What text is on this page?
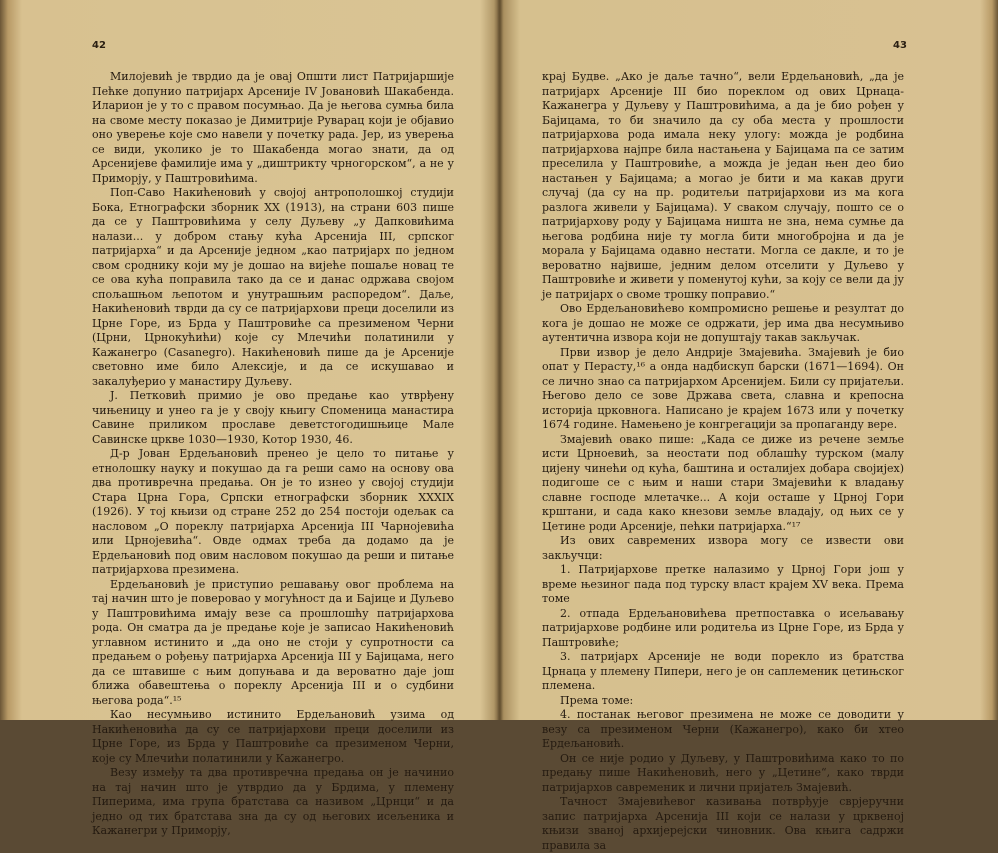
42

Милојевић је тврдио да је овај Општи лист Патријаршије Пећке допунио патријарх Арсеније IV Јовановић Шакабенда. Иларион је у то с правом посумњао. Да је његова сумња била на своме месту показао је Димитрије Руварац који је објавио оно уверење које смо навели у почетку рада. Јер, из уверења се види, уколико је то Шакабенда могао знати, да од Арсенијеве фамилије има у „диштрикту чрногорском“, а не у Приморју, у Паштровићима.

Поп-Саво Накићеновић у својој антрополошкој студији Бока, Етнографски зборник XX (1913), на страни 603 пише да се у Паштровићима у селу Дуљеву „у Дапковићима налази... у добром стању кућа Арсенија III, српског патријарха“ и да Арсеније једном „као патријарх по једном свом сроднику који му је дошао на вијеће пошаље новац те се ова кућа поправила тако да се и данас одржава својом спољашњом љепотом и унутрашњим распоредом“. Даље, Накићеновић тврди да су се патријархови преци доселили из Црне Горе, из Брда у Паштровиће са презименом Черни (Црни, Црнокућићи) које су Млечићи полатинили у Кажанегро (Casanegro). Накићеновић пише да је Арсеније световно име било Алексије, и да се искушавао и закалуђерио у манастиру Дуљеву.

Ј. Петковић примио је ово предање као утврђену чињеницу и унео га је у своју књигу Споменица манастира Савине приликом прославе деветстогодишњице Мале Савинске цркве 1030—1930, Котор 1930, 46.

Д-р Јован Ердељановић пренео је цело то питање у етнолошку науку и покушао да га реши само на основу ова два противречна предања. Он је то изнео у својој студији Стара Црна Гора, Српски етнографски зборник XXXIX (1926). У тој књизи од стране 252 до 254 постоји одељак са насловом „О пореклу патријарха Арсенија III Чарнојевића или Црнојевића“. Овде одмах треба да додамо да је Ердељановић под овим насловом покушао да реши и питање патријархова презимена.

Ердељановић је приступио решавању овог проблема на тај начин што је поверовао у могућност да и Бајице и Дуљево у Паштровићима имају везе са прошлошћу патријархова рода. Он сматра да је предање које је записао Накићеновић углавном истинито и „да оно не стоји у супротности са предањем о рођењу патријарха Арсенија III у Бајицама, него да се штавише с њим допуњава и да вероватно даје још ближа обавештења о пореклу Арсенија III и о судбини његова рода“.¹⁵

Као несумњиво истинито Ердељановић узима од Накићеновића да су се патријархови преци доселили из Црне Горе, из Брда у Паштровиће са презименом Черни, које су Млечићи полатинили у Кажанегро.

Везу између та два противречна предања он је начинио на тај начин што је утврдио да у Брдима, у племену Пиперима, има група братстава са називом „Црнци“ и да једно од тих братстава зна да су од његових исељеника и Кажанегри у Приморју,

43

крај Будве. „Ако је даље тачно“, вели Ердељановић, „да је патријарх Арсеније III био пореклом од ових Црнаца-Кажанегра у Дуљеву у Паштровићима, а да је био рођен у Бајицама, то би значило да су оба места у прошлости патријархова рода имала неку улогу: можда је родбина патријархова најпре била настањена у Бајицама па се затим преселила у Паштровиће, а можда је један њен део био настањен у Бајицама; а могао је бити и ма какав други случај (да су на пр. родитељи патријархови из ма кога разлога живели у Бајицама). У сваком случају, пошто се о патријархову роду у Бајицама ништа не зна, нема сумње да његова родбина није ту могла бити многобројна и да је морала у Бајицама одавно нестати. Могла се дакле, и то је вероватно највише, једним делом отселити у Дуљево у Паштровиће и живети у поменутој кући, за коју се вели да ју је патријарх о своме трошку поправио.“

Ово Ердељановићево компромисно решење и резултат до кога је дошао не може се одржати, јер има два несумњиво аутентична извора који не допуштају такав закључак.

Први извор је дело Андрије Змајевића. Змајевић је био опат у Перасту,¹⁶ а онда надбискуп барски (1671—1694). Он се лично знао са патријархом Арсенијем. Били су пријатељи. Његово дело се зове Држава света, славна и крепосна историја црковнога. Написано је крајем 1673 или у почетку 1674 године. Намењено је конгрегацији за пропаганду вере.

Змајевић овако пише: „Када се диже из речене земље исти Црноевић, за неостати под облашћу турском (малу цијену чинећи од кућа, баштина и осталијех добара својијех) подигоше се с њим и наши стари Змајевићи к владању славне господе млетачке... А који осташе у Црној Гори крштани, и сада како кнезови земље владају, од њих се у Цетине роди Арсеније, пећки патријарха.“¹⁷

Из ових савремених извора могу се извести ови закључци:

1. Патријархове претке налазимо у Црној Гори још у време њезиног пада под турску власт крајем XV века. Према томе

2. отпада Ердељановићева претпоставка о исељавању патријархове родбине или родитеља из Црне Горе, из Брда у Паштровиће;

3. патријарх Арсеније не води порекло из братства Црнаца у племену Пипери, него је он саплеменик цетињског племена.

Према томе:

4. постанак његовог презимена не може се доводити у везу са презименом Черни (Кажанегро), како би хтео Ердељановић.

Он се није родио у Дуљеву, у Паштровићима како то по предању пише Накићеновић, него у „Цетине“, како тврди патријархов савременик и лични пријатељ Змајевић.

Тачност Змајевићевог казивања потврђује сврјеручни запис патријарха Арсенија III који се налази у црквеној књизи званој архијерејски чиновник. Ова књига садржи правила за
